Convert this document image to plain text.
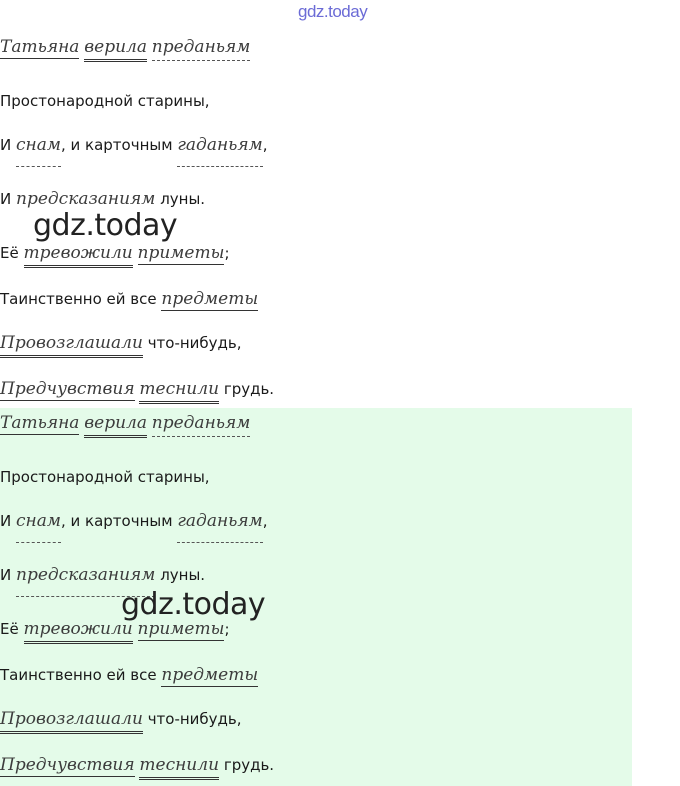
gdz.today
Татьяна верила преданьям
Простонародной старины,
И снам, и карточным гаданьям,
И предсказаниям луны.
Её тревожили приметы;
Таинственно ей все предметы
Провозглашали что-нибудь,
Предчувствия теснили грудь.
Татьяна верила преданьям
Простонародной старины,
И снам, и карточным гаданьям,
И предсказаниям луны.
Её тревожили приметы;
Таинственно ей все предметы
Провозглашали что-нибудь,
Предчувствия теснили грудь.
gdz.today
gdz.today
